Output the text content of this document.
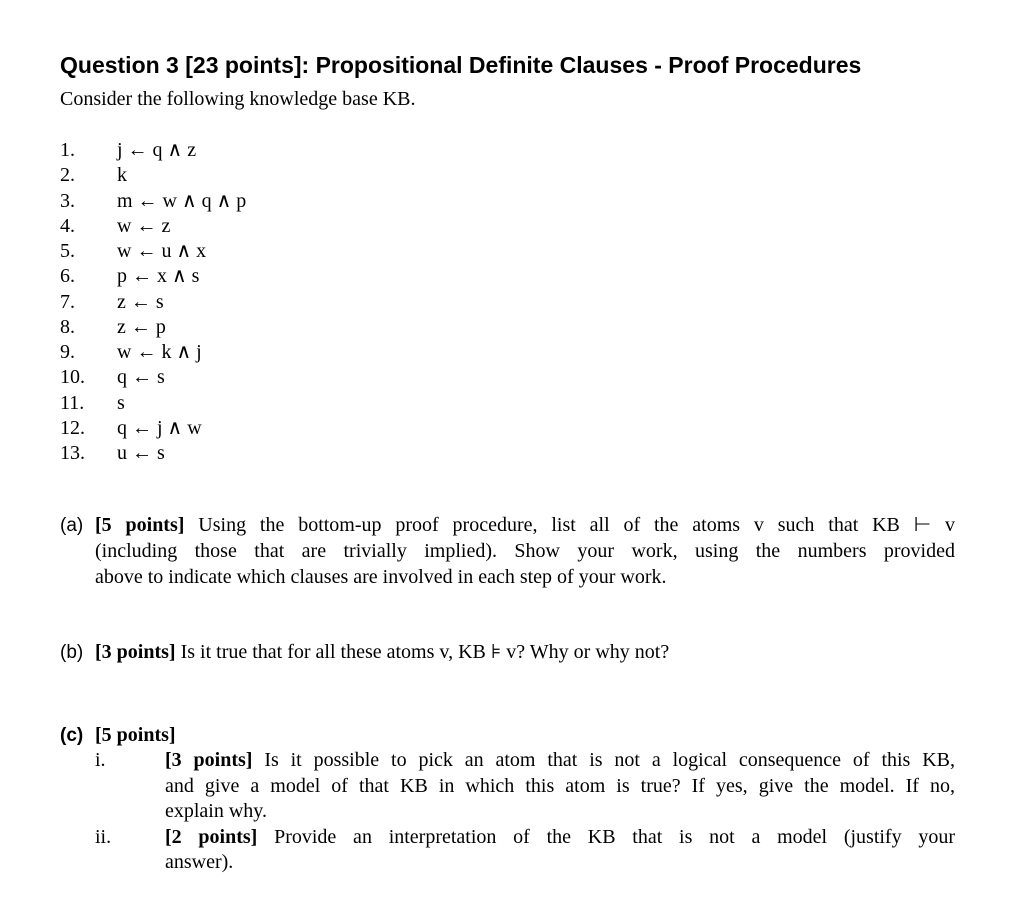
Question 3 [23 points]: Propositional Definite Clauses - Proof Procedures
Consider the following knowledge base KB.
1. j ← q ∧ z
2. k
3. m ← w ∧ q ∧ p
4. w ← z
5. w ← u ∧ x
6. p ← x ∧ s
7. z ← s
8. z ← p
9. w ← k ∧ j
10. q ← s
11. s
12. q ← j ∧ w
13. u ← s
(a) [5 points] Using the bottom-up proof procedure, list all of the atoms v such that KB ⊢ v
(including those that are trivially implied). Show your work, using the numbers provided
above to indicate which clauses are involved in each step of your work.
(b) [3 points] Is it true that for all these atoms v, KB ⊧ v? Why or why not?
(c) [5 points]
i.	[3 points] Is it possible to pick an atom that is not a logical consequence of this KB,
and give a model of that KB in which this atom is true? If yes, give the model. If no,
explain why.
ii.	[2 points] Provide an interpretation of the KB that is not a model (justify your
answer).
